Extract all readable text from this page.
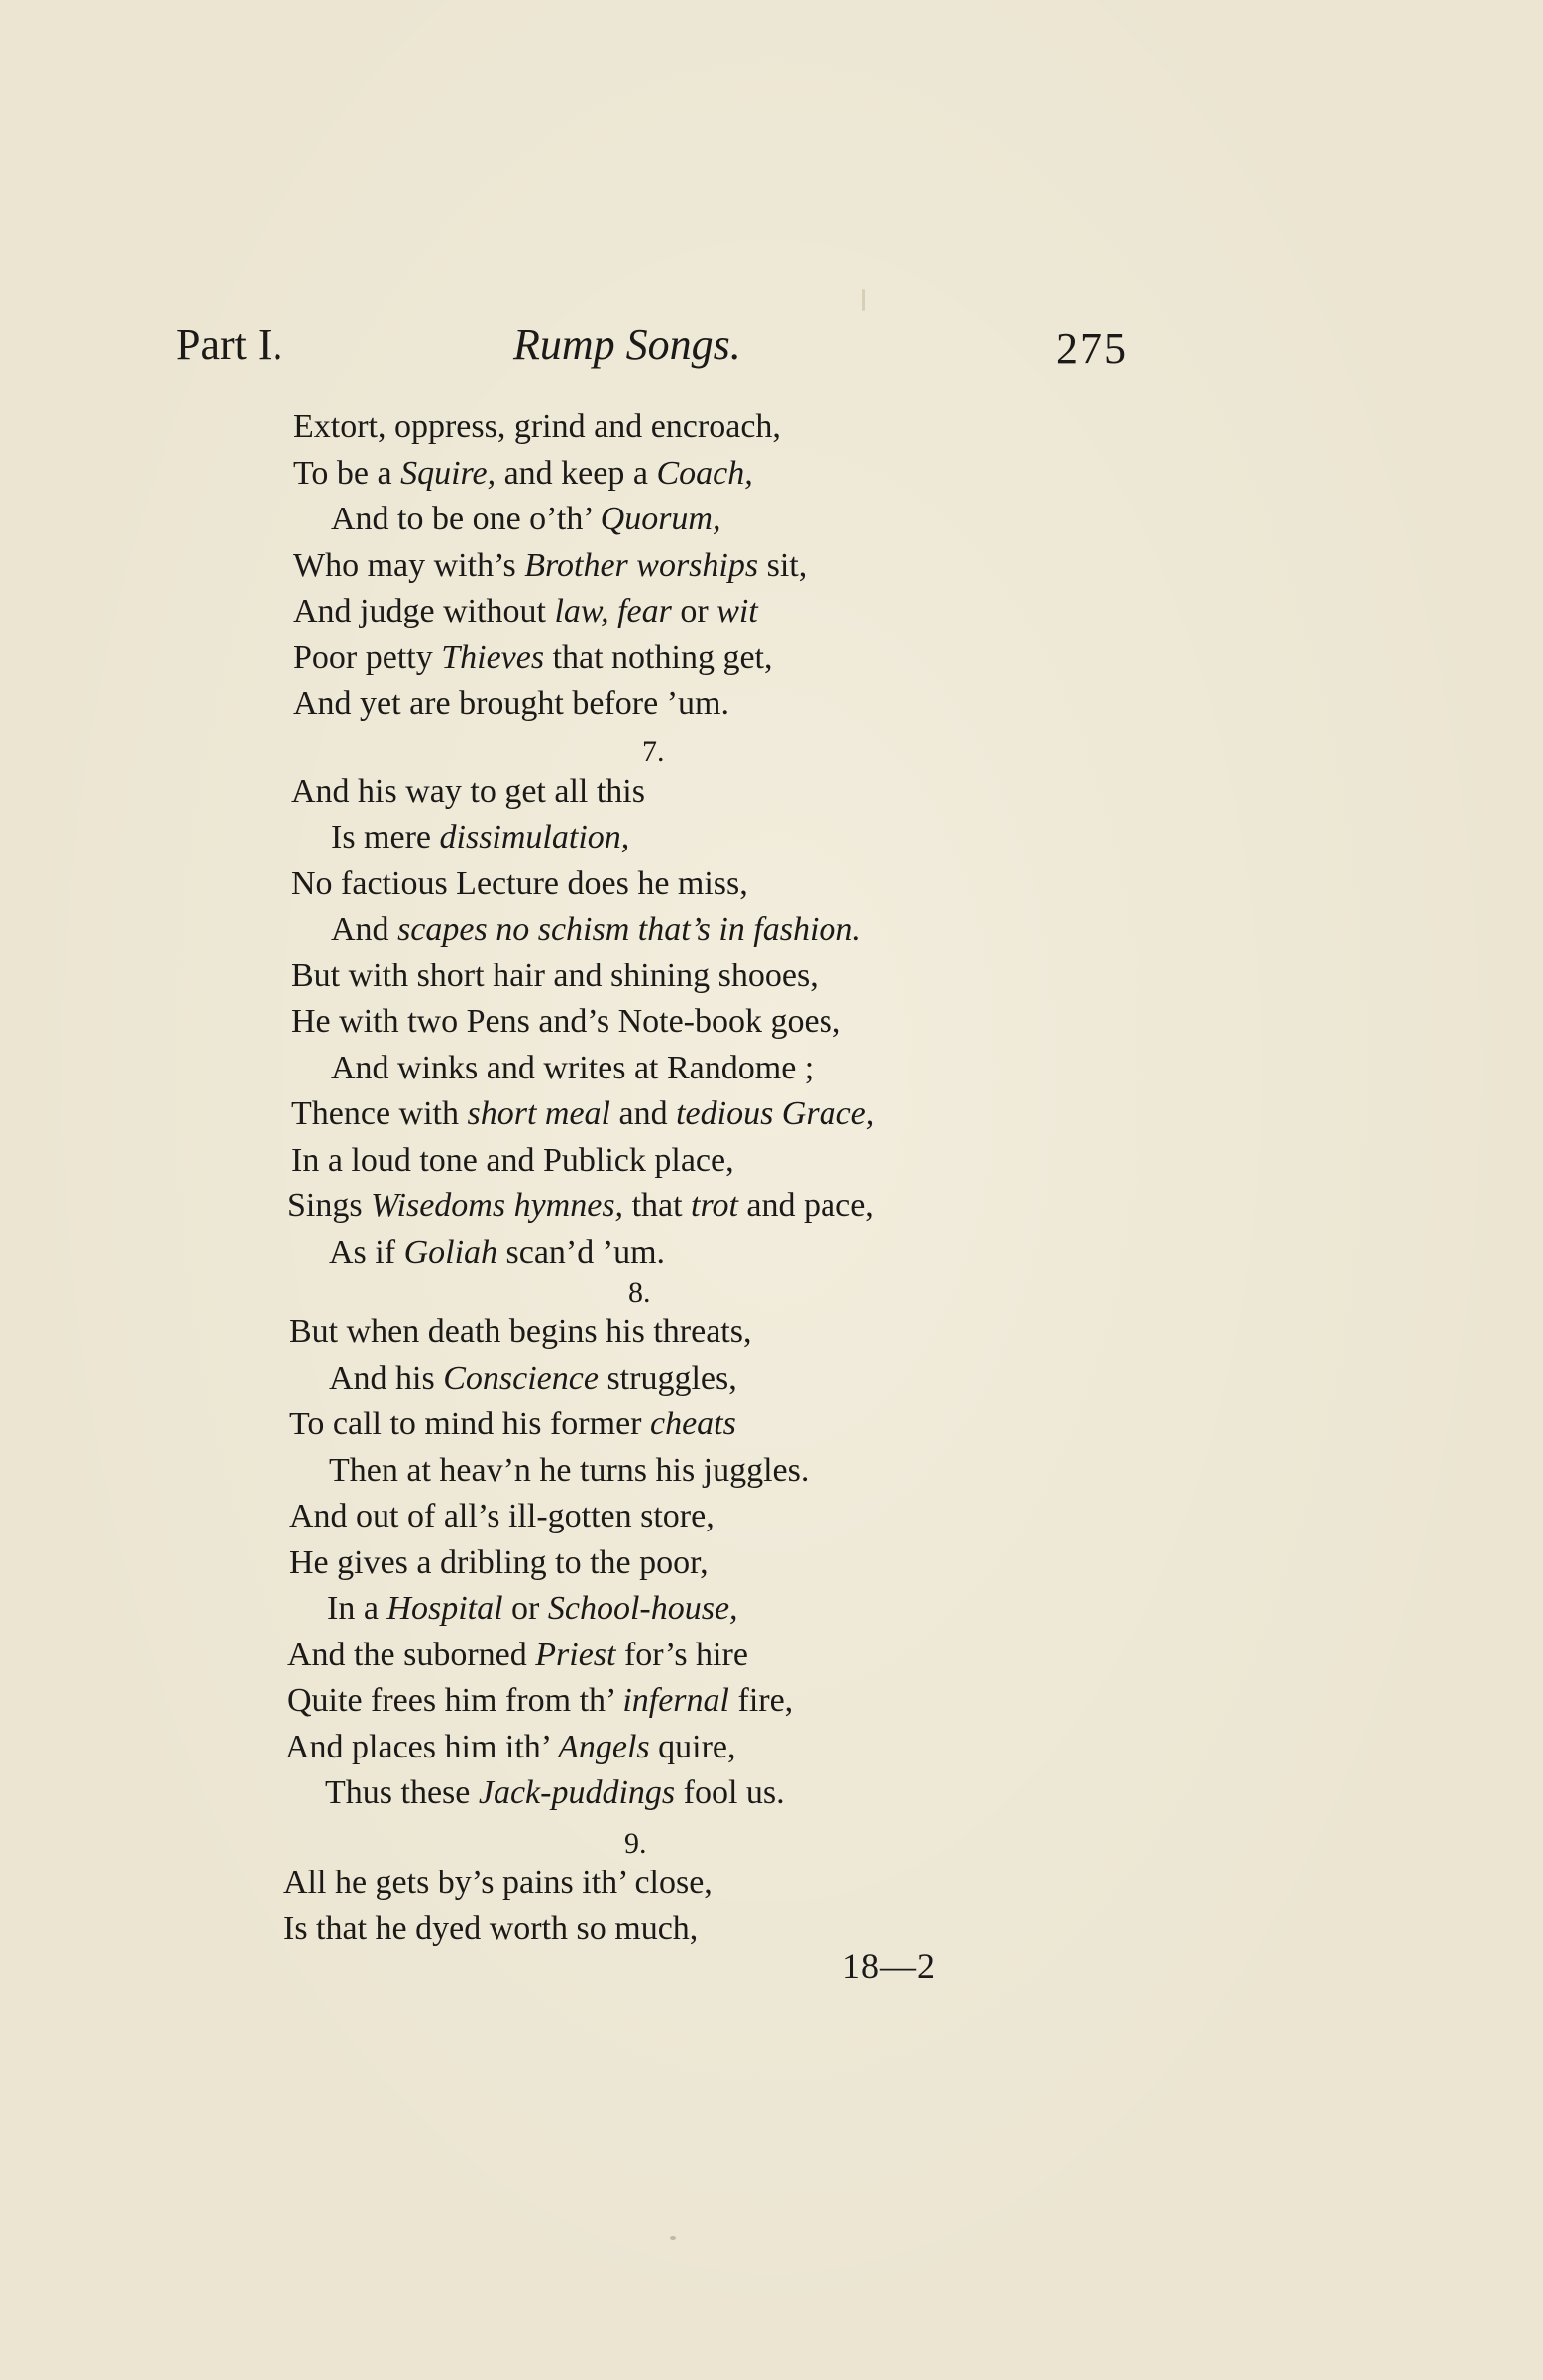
Part I.	Rump Songs.	275
Extort, oppress, grind and encroach,
To be a Squire, and keep a Coach,
And to be one o’th’ Quorum,
Who may with’s Brother worships sit,
And judge without law, fear or wit
Poor petty Thieves that nothing get,
And yet are brought before ’um.
7.
And his way to get all this
Is mere dissimulation,
No factious Lecture does he miss,
And scapes no schism that’s in fashion.
But with short hair and shining shooes,
He with two Pens and’s Note-book goes,
And winks and writes at Randome ;
Thence with short meal and tedious Grace,
In a loud tone and Publick place,
Sings Wisedoms hymnes, that trot and pace,
As if Goliah scan’d ’um.
8.
But when death begins his threats,
And his Conscience struggles,
To call to mind his former cheats
Then at heav’n he turns his juggles.
And out of all’s ill-gotten store,
He gives a dribling to the poor,
In a Hospital or School-house,
And the suborned Priest for’s hire
Quite frees him from th’ infernal fire,
And places him ith’ Angels quire,
Thus these Jack-puddings fool us.
9.
All he gets by’s pains ith’ close,
Is that he dyed worth so much,
18—2
